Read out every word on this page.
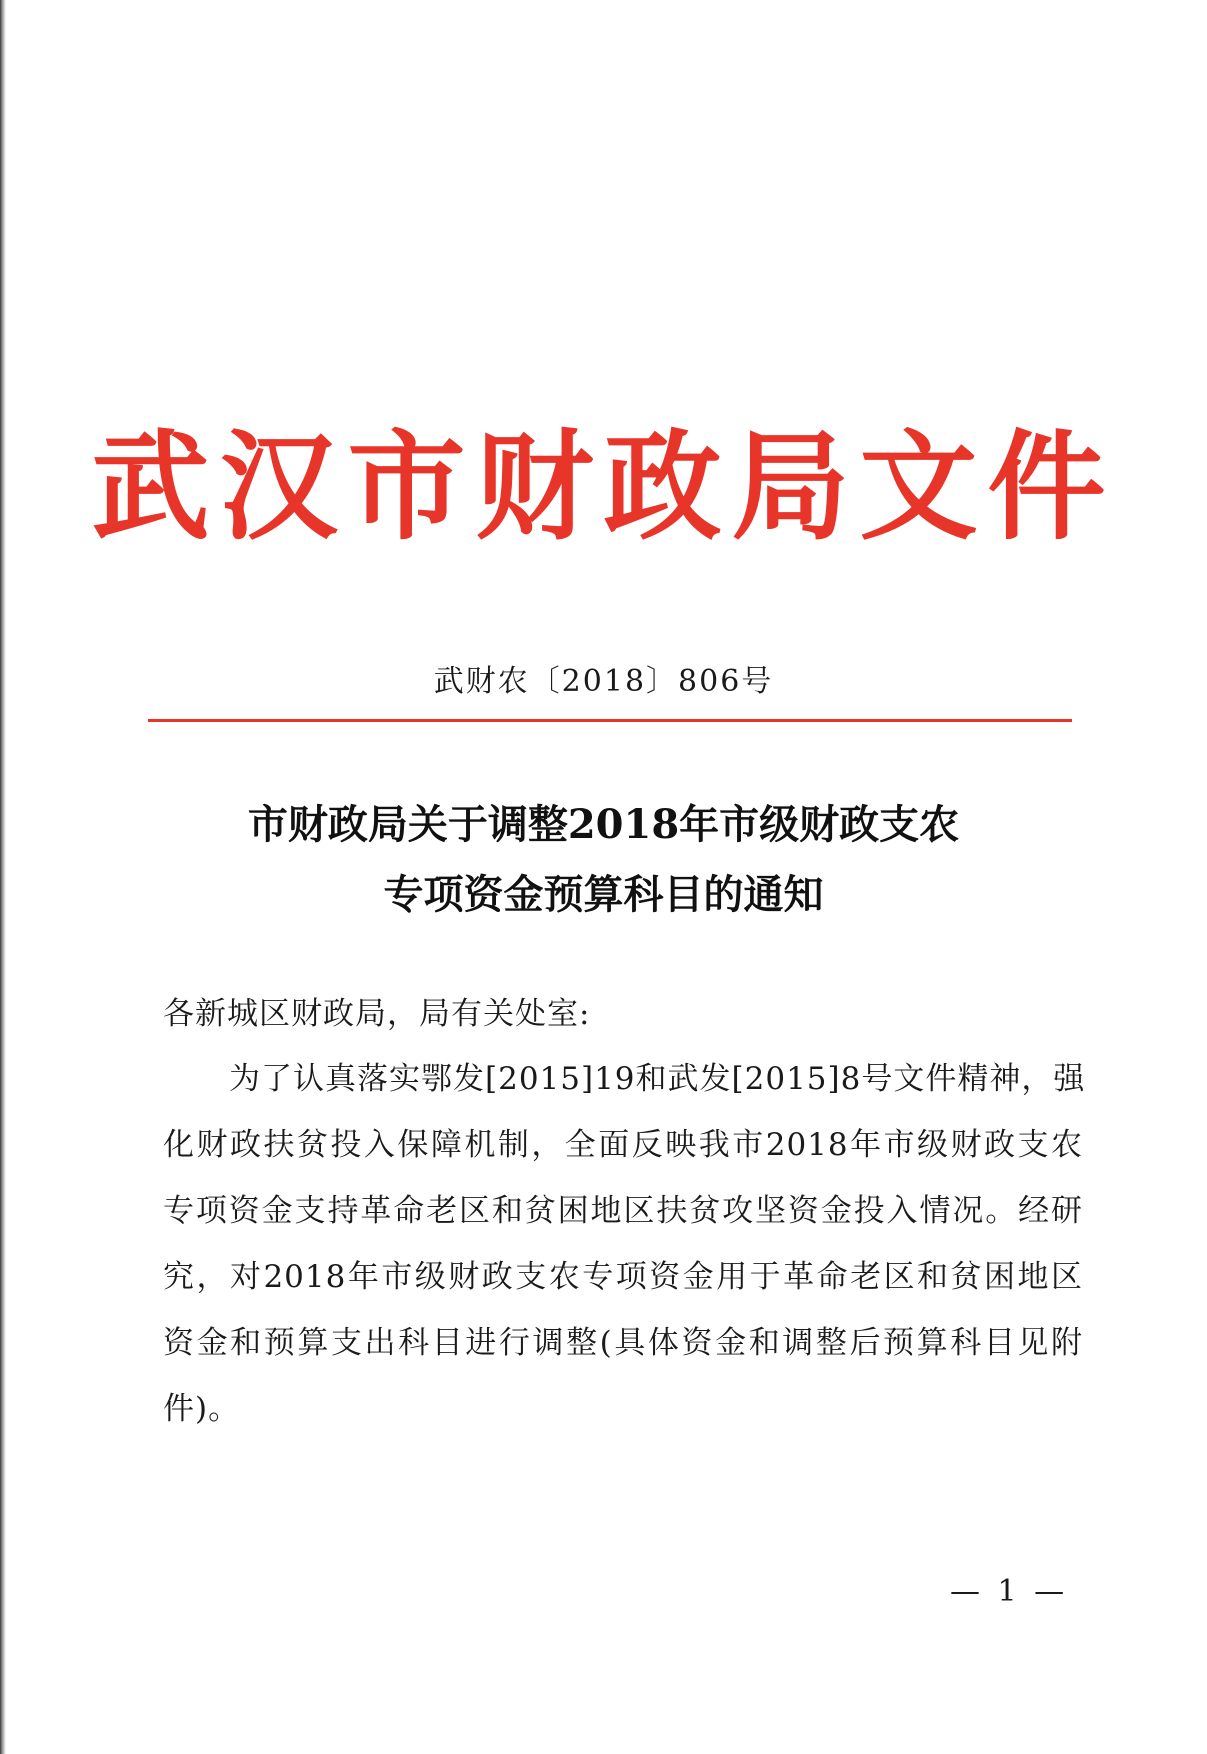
武汉市财政局文件
武财农〔2018〕806号
市财政局关于调整2018年市级财政支农
专项资金预算科目的通知
各新城区财政局，局有关处室:
为了认真落实鄂发[2015]19和武发[2015]8号文件精神，强
化财政扶贫投入保障机制，全面反映我市2018年市级财政支农
专项资金支持革命老区和贫困地区扶贫攻坚资金投入情况。经研
究，对2018年市级财政支农专项资金用于革命老区和贫困地区
资金和预算支出科目进行调整(具体资金和调整后预算科目见附
件)。
— 1 —
